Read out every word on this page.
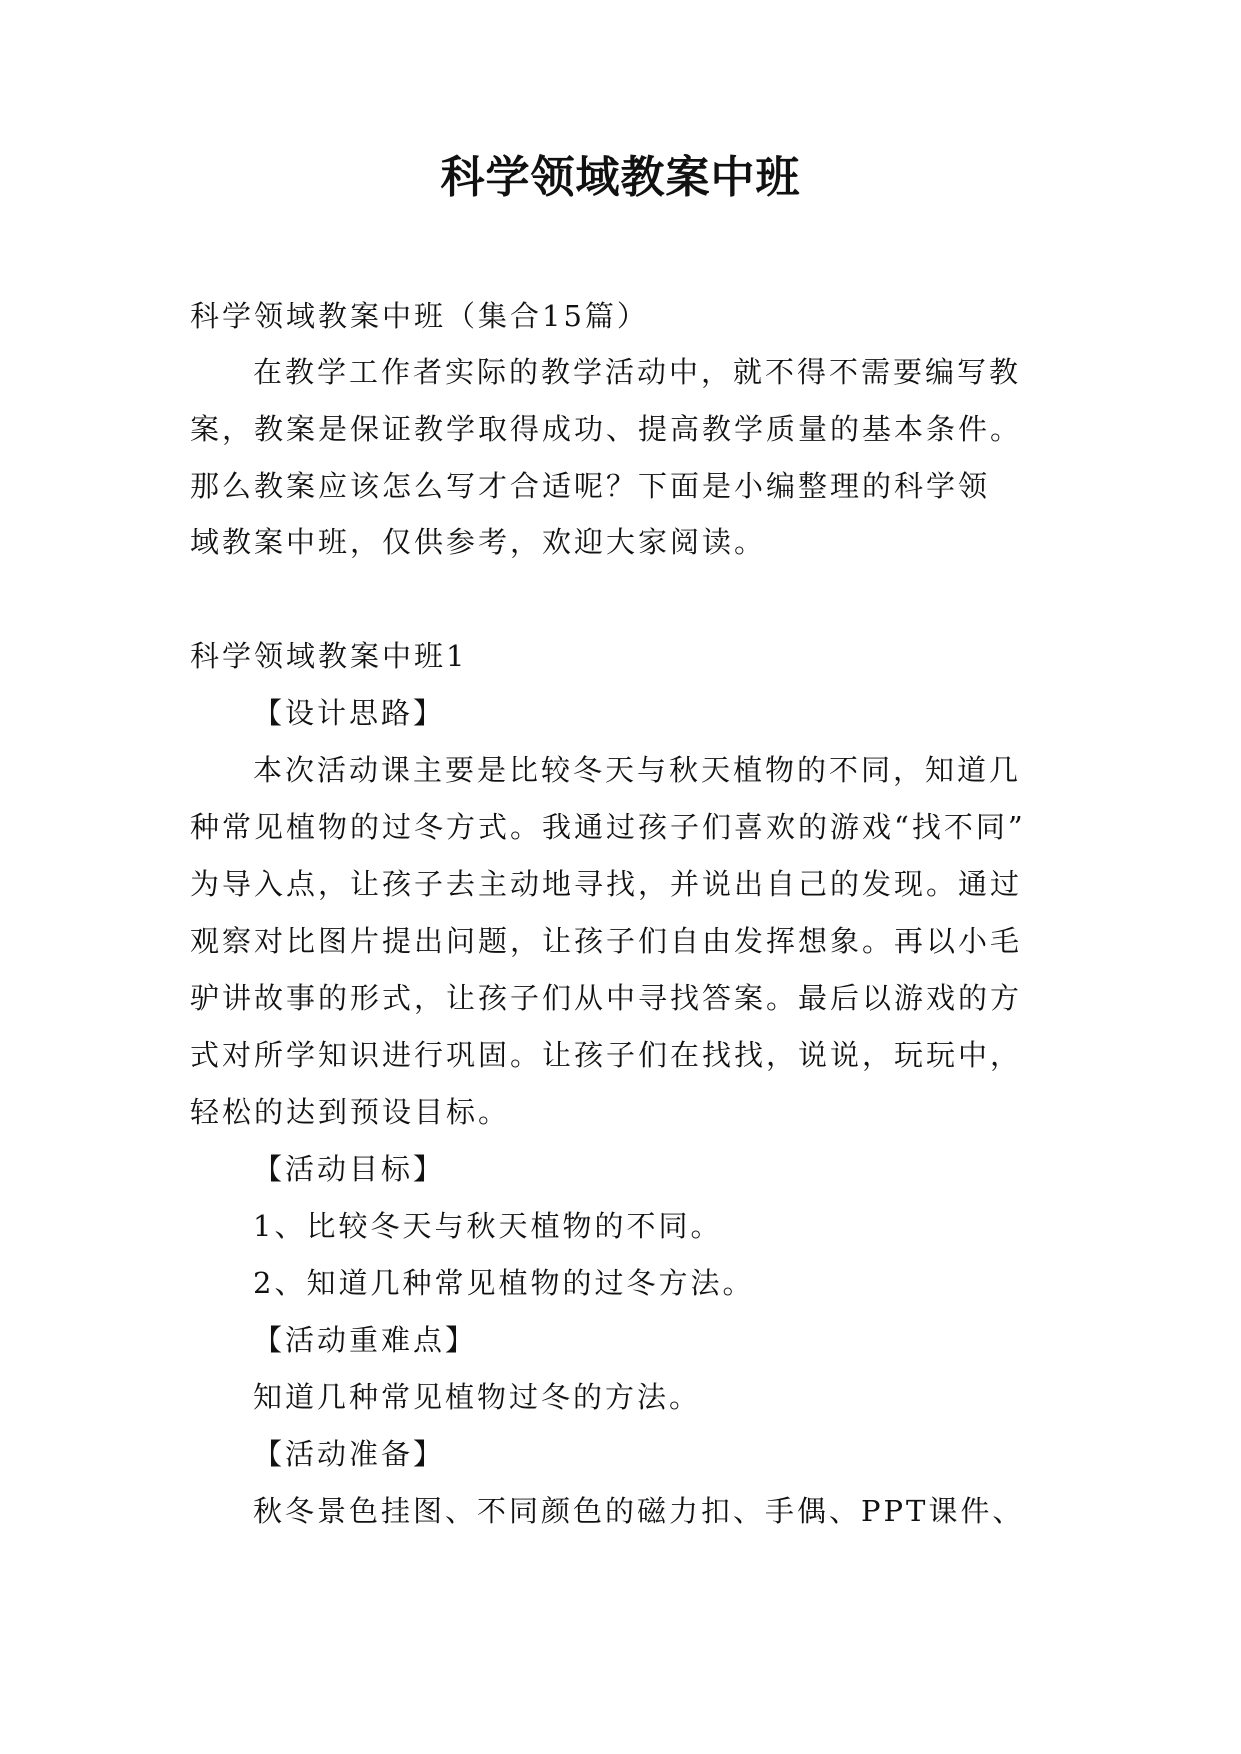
科学领域教案中班
科学领域教案中班（集合15篇）
在教学工作者实际的教学活动中，就不得不需要编写教
案，教案是保证教学取得成功、提高教学质量的基本条件。
那么教案应该怎么写才合适呢？下面是小编整理的科学领
域教案中班，仅供参考，欢迎大家阅读。
科学领域教案中班1
【设计思路】
本次活动课主要是比较冬天与秋天植物的不同，知道几
种常见植物的过冬方式。我通过孩子们喜欢的游戏“找不同”
为导入点，让孩子去主动地寻找，并说出自己的发现。通过
观察对比图片提出问题，让孩子们自由发挥想象。再以小毛
驴讲故事的形式，让孩子们从中寻找答案。最后以游戏的方
式对所学知识进行巩固。让孩子们在找找，说说，玩玩中，
轻松的达到预设目标。
【活动目标】
1、比较冬天与秋天植物的不同。
2、知道几种常见植物的过冬方法。
【活动重难点】
知道几种常见植物过冬的方法。
【活动准备】
秋冬景色挂图、不同颜色的磁力扣、手偶、PPT课件、
